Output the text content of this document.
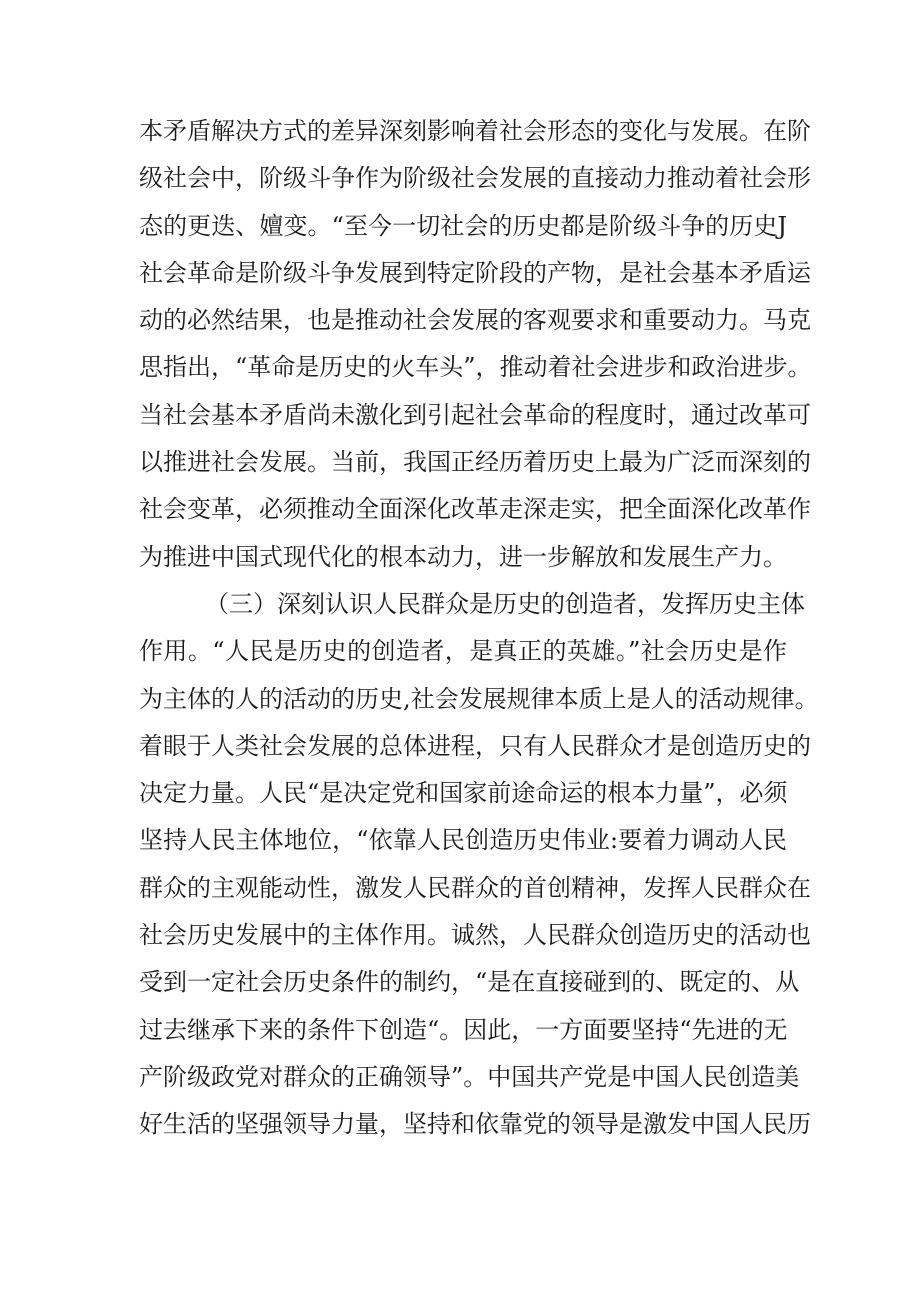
本矛盾解决方式的差异深刻影响着社会形态的变化与发展。在阶
级社会中，阶级斗争作为阶级社会发展的直接动力推动着社会形
态的更迭、嬗变。“至今一切社会的历史都是阶级斗争的历史J
社会革命是阶级斗争发展到特定阶段的产物，是社会基本矛盾运
动的必然结果，也是推动社会发展的客观要求和重要动力。马克
思指出，“革命是历史的火车头”，推动着社会进步和政治进步。
当社会基本矛盾尚未激化到引起社会革命的程度时，通过改革可
以推进社会发展。当前，我国正经历着历史上最为广泛而深刻的
社会变革，必须推动全面深化改革走深走实，把全面深化改革作
为推进中国式现代化的根本动力，进一步解放和发展生产力。
（三）深刻认识人民群众是历史的创造者，发挥历史主体
作用。“人民是历史的创造者，是真正的英雄。”社会历史是作
为主体的人的活动的历史,社会发展规律本质上是人的活动规律。
着眼于人类社会发展的总体进程，只有人民群众才是创造历史的
决定力量。人民“是决定党和国家前途命运的根本力量”，必须
坚持人民主体地位，“依靠人民创造历史伟业:要着力调动人民
群众的主观能动性，激发人民群众的首创精神，发挥人民群众在
社会历史发展中的主体作用。诚然，人民群众创造历史的活动也
受到一定社会历史条件的制约，“是在直接碰到的、既定的、从
过去继承下来的条件下创造“。因此，一方面要坚持“先进的无
产阶级政党对群众的正确领导”。中国共产党是中国人民创造美
好生活的坚强领导力量，坚持和依靠党的领导是激发中国人民历
